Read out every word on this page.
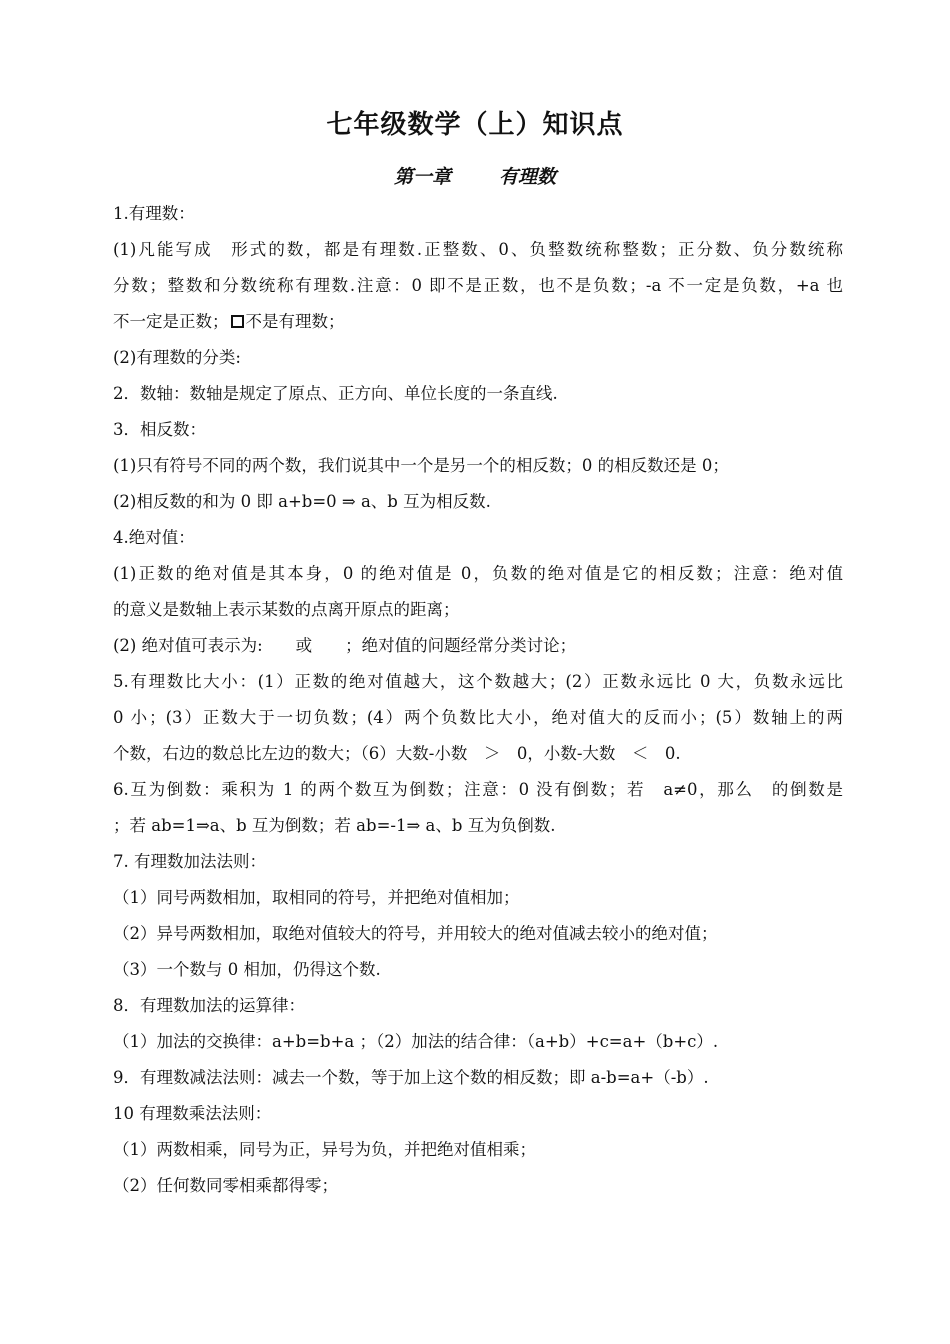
七年级数学（上）知识点
第一章	有理数
1.有理数：
(1)凡能写成　形式的数，都是有理数.正整数、0、负整数统称整数；正分数、负分数统称
分数；整数和分数统称有理数.注意：0 即不是正数，也不是负数；-a 不一定是负数，+a 也
不一定是正数； 不是有理数；
(2)有理数的分类:
2．数轴：数轴是规定了原点、正方向、单位长度的一条直线.
3．相反数：
(1)只有符号不同的两个数，我们说其中一个是另一个的相反数；0 的相反数还是 0；
(2)相反数的和为 0 即 a+b=0 ⇒ a、b 互为相反数.
4.绝对值：
(1)正数的绝对值是其本身，0 的绝对值是 0，负数的绝对值是它的相反数；注意：绝对值
的意义是数轴上表示某数的点离开原点的距离；
(2) 绝对值可表示为:　　或　　；绝对值的问题经常分类讨论；
5.有理数比大小：(1）正数的绝对值越大，这个数越大；(2）正数永远比 0 大，负数永远比
0 小；(3）正数大于一切负数；(4）两个负数比大小，绝对值大的反而小；(5）数轴上的两
个数，右边的数总比左边的数大；（6）大数-小数　＞　0，小数-大数　＜　0.
6.互为倒数：乘积为 1 的两个数互为倒数；注意：0 没有倒数；若　a≠0，那么　的倒数是
；若 ab=1⇒a、b 互为倒数；若 ab=-1⇒ a、b 互为负倒数.
7. 有理数加法法则：
（1）同号两数相加，取相同的符号，并把绝对值相加；
（2）异号两数相加，取绝对值较大的符号，并用较大的绝对值减去较小的绝对值；
（3）一个数与 0 相加，仍得这个数.
8．有理数加法的运算律：
（1）加法的交换律：a+b=b+a ；（2）加法的结合律：（a+b）+c=a+（b+c）.
9．有理数减法法则：减去一个数，等于加上这个数的相反数；即 a-b=a+（-b）.
10 有理数乘法法则：
（1）两数相乘，同号为正，异号为负，并把绝对值相乘；
（2）任何数同零相乘都得零；
